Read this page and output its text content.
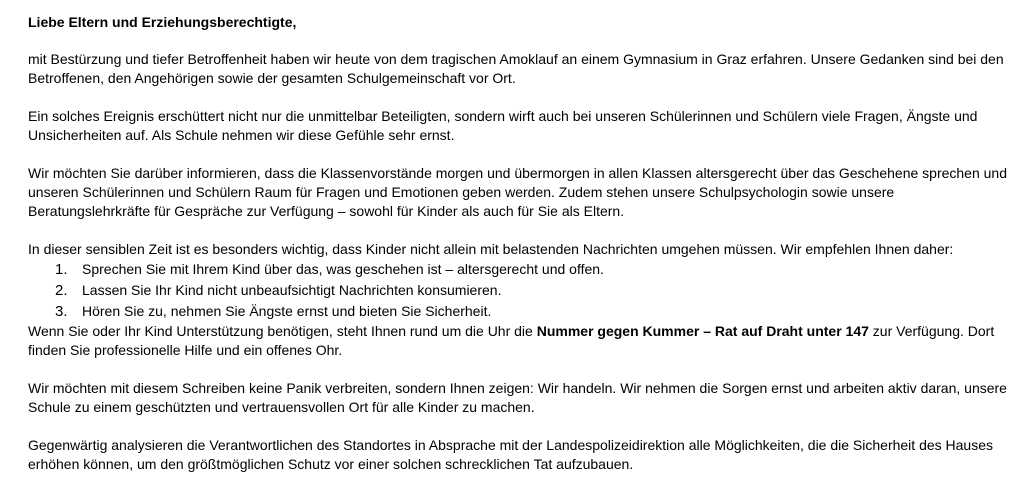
Liebe Eltern und Erziehungsberechtigte,

mit Bestürzung und tiefer Betroffenheit haben wir heute von dem tragischen Amoklauf an einem Gymnasium in Graz erfahren. Unsere Gedanken sind bei den Betroffenen, den Angehörigen sowie der gesamten Schulgemeinschaft vor Ort.

Ein solches Ereignis erschüttert nicht nur die unmittelbar Beteiligten, sondern wirft auch bei unseren Schülerinnen und Schülern viele Fragen, Ängste und Unsicherheiten auf. Als Schule nehmen wir diese Gefühle sehr ernst.

Wir möchten Sie darüber informieren, dass die Klassenvorstände morgen und übermorgen in allen Klassen altersgerecht über das Geschehene sprechen und unseren Schülerinnen und Schülern Raum für Fragen und Emotionen geben werden. Zudem stehen unsere Schulpsychologin sowie unsere Beratungslehrkräfte für Gespräche zur Verfügung – sowohl für Kinder als auch für Sie als Eltern.

In dieser sensiblen Zeit ist es besonders wichtig, dass Kinder nicht allein mit belastenden Nachrichten umgehen müssen. Wir empfehlen Ihnen daher:

1. Sprechen Sie mit Ihrem Kind über das, was geschehen ist – altersgerecht und offen.
2. Lassen Sie Ihr Kind nicht unbeaufsichtigt Nachrichten konsumieren.
3. Hören Sie zu, nehmen Sie Ängste ernst und bieten Sie Sicherheit.

Wenn Sie oder Ihr Kind Unterstützung benötigen, steht Ihnen rund um die Uhr die Nummer gegen Kummer – Rat auf Draht unter 147 zur Verfügung. Dort finden Sie professionelle Hilfe und ein offenes Ohr.

Wir möchten mit diesem Schreiben keine Panik verbreiten, sondern Ihnen zeigen: Wir handeln. Wir nehmen die Sorgen ernst und arbeiten aktiv daran, unsere Schule zu einem geschützten und vertrauensvollen Ort für alle Kinder zu machen.

Gegenwärtig analysieren die Verantwortlichen des Standortes in Absprache mit der Landespolizeidirektion alle Möglichkeiten, die die Sicherheit des Hauses erhöhen können, um den größtmöglichen Schutz vor einer solchen schrecklichen Tat aufzubauen.
